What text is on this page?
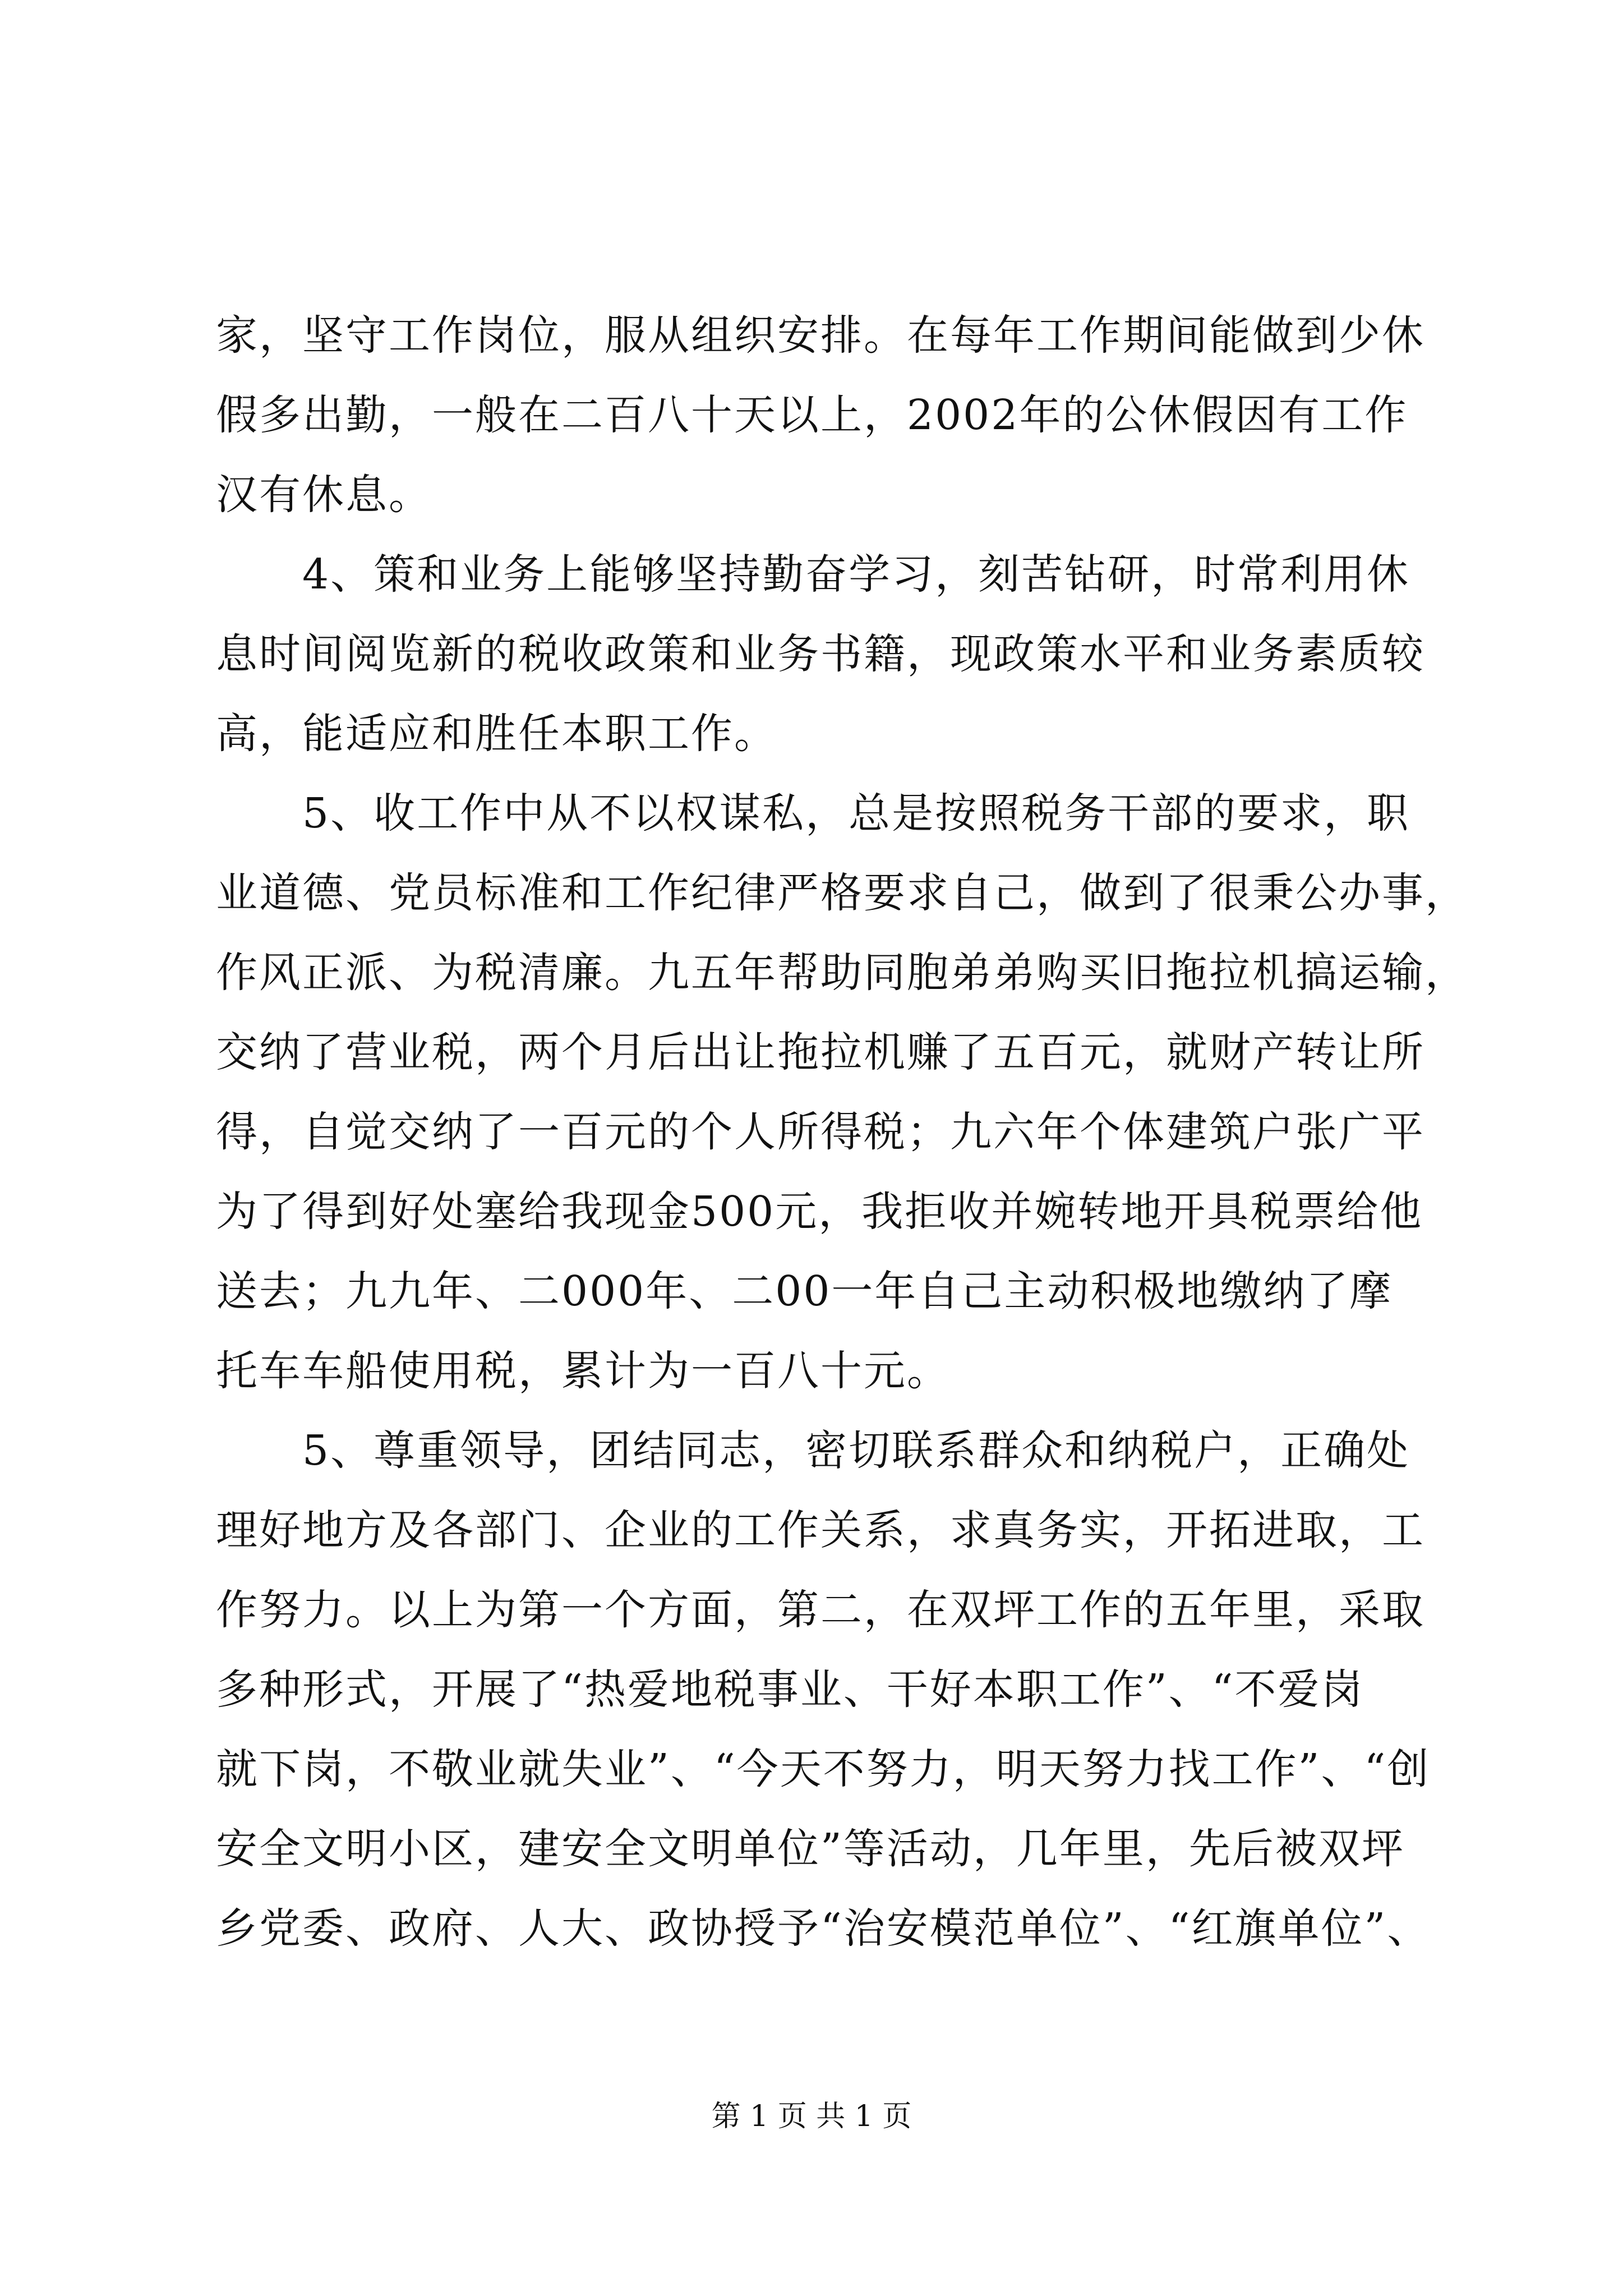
家，坚守工作岗位，服从组织安排。在每年工作期间能做到少休
假多出勤，一般在二百八十天以上，2002年的公休假因有工作
汉有休息。
　　4、策和业务上能够坚持勤奋学习，刻苦钻研，时常利用休
息时间阅览新的税收政策和业务书籍，现政策水平和业务素质较
高，能适应和胜任本职工作。
　　5、收工作中从不以权谋私，总是按照税务干部的要求，职
业道德、党员标准和工作纪律严格要求自己，做到了很秉公办事，
作风正派、为税清廉。九五年帮助同胞弟弟购买旧拖拉机搞运输，
交纳了营业税，两个月后出让拖拉机赚了五百元，就财产转让所
得，自觉交纳了一百元的个人所得税；九六年个体建筑户张广平
为了得到好处塞给我现金500元，我拒收并婉转地开具税票给他
送去；九九年、二000年、二00一年自己主动积极地缴纳了摩
托车车船使用税，累计为一百八十元。
　　5、尊重领导，团结同志，密切联系群众和纳税户，正确处
理好地方及各部门、企业的工作关系，求真务实，开拓进取，工
作努力。以上为第一个方面，第二，在双坪工作的五年里，采取
多种形式，开展了“热爱地税事业、干好本职工作”、“不爱岗
就下岗，不敬业就失业”、“今天不努力，明天努力找工作”、“创
安全文明小区，建安全文明单位”等活动，几年里，先后被双坪
乡党委、政府、人大、政协授予“治安模范单位”、“红旗单位”、
第 1 页 共 1 页
